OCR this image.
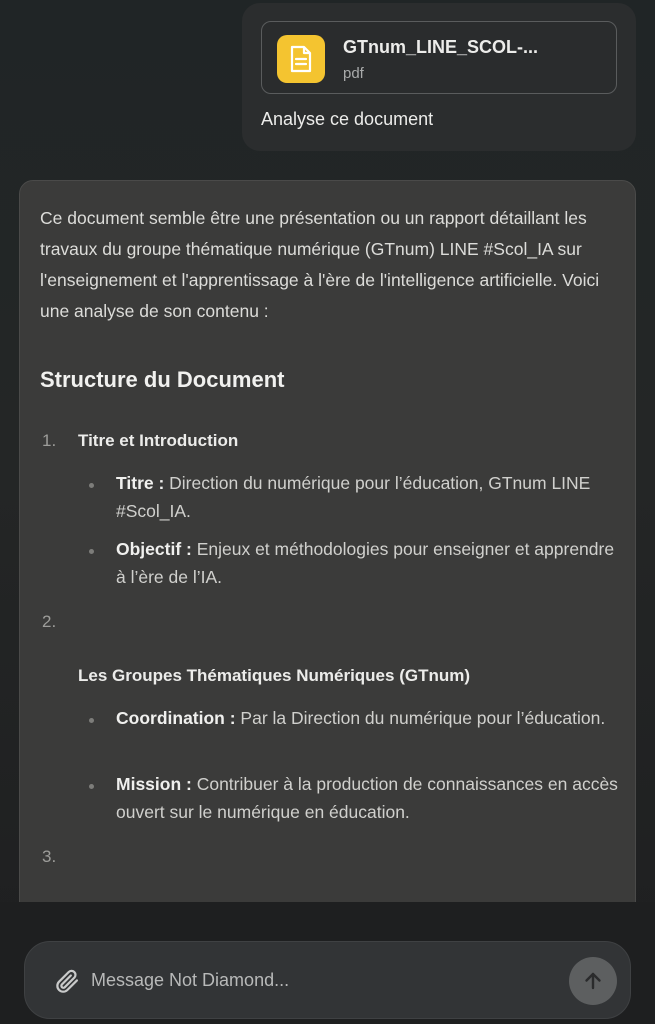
GTnum_LINE_SCOL-...
pdf
Analyse ce document

Ce document semble être une présentation ou un rapport détaillant les travaux du groupe thématique numérique (GTnum) LINE #Scol_IA sur l'enseignement et l'apprentissage à l'ère de l'intelligence artificielle. Voici une analyse de son contenu :

Structure du Document
1. Titre et Introduction

Titre : Direction du numérique pour l’éducation, GTnum LINE #Scol_IA.

Objectif : Enjeux et méthodologies pour enseigner et apprendre à l’ère de l’IA.

2.
Les Groupes Thématiques Numériques (GTnum)

Coordination : Par la Direction du numérique pour l’éducation.

Mission : Contribuer à la production de connaissances en accès ouvert sur le numérique en éducation.

3.
Message Not Diamond...
